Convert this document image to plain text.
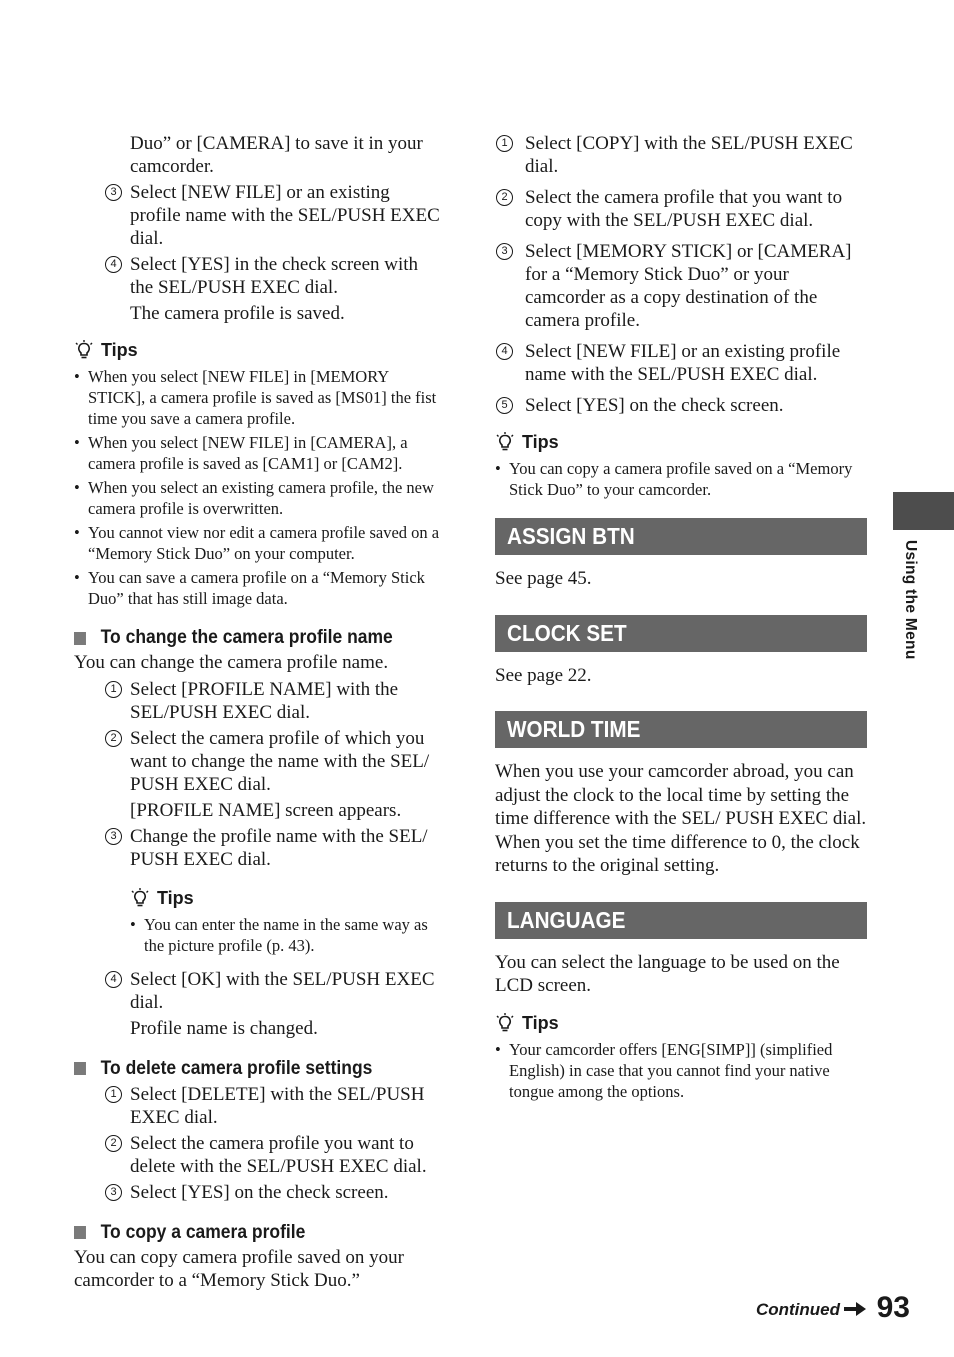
Duo” or [CAMERA] to save it in your camcorder.

3 Select [NEW FILE] or an existing profile name with the SEL/PUSH EXEC dial.
4 Select [YES] in the check screen with the SEL/PUSH EXEC dial.

The camera profile is saved.

Tips
• When you select [NEW FILE] in [MEMORY STICK], a camera profile is saved as [MS01] the fist time you save a camera profile.
• When you select [NEW FILE] in [CAMERA], a camera profile is saved as [CAM1] or [CAM2].
• When you select an existing camera profile, the new camera profile is overwritten.
• You cannot view nor edit a camera profile saved on a “Memory Stick Duo” on your computer.
• You can save a camera profile on a “Memory Stick Duo” that has still image data.
To change the camera profile name

You can change the camera profile name.

1 Select [PROFILE NAME] with the SEL/PUSH EXEC dial.
2 Select the camera profile of which you want to change the name with the SEL/ PUSH EXEC dial.

[PROFILE NAME] screen appears.

3 Change the profile name with the SEL/ PUSH EXEC dial.
Tips
• You can enter the name in the same way as the picture profile (p. 43).
4 Select [OK] with the SEL/PUSH EXEC dial.

Profile name is changed.

To delete camera profile settings
1 Select [DELETE] with the SEL/PUSH EXEC dial.
2 Select the camera profile you want to delete with the SEL/PUSH EXEC dial.
3 Select [YES] on the check screen.
To copy a camera profile

You can copy camera profile saved on your camcorder to a “Memory Stick Duo.”

1 Select [COPY] with the SEL/PUSH EXEC dial.
2 Select the camera profile that you want to copy with the SEL/PUSH EXEC dial.
3 Select [MEMORY STICK] or [CAMERA] for a “Memory Stick Duo” or your camcorder as a copy destination of the camera profile.
4 Select [NEW FILE] or an existing profile name with the SEL/PUSH EXEC dial.
5 Select [YES] on the check screen.
Tips
• You can copy a camera profile saved on a “Memory Stick Duo” to your camcorder.
ASSIGN BTN

See page 45.

CLOCK SET

See page 22.

WORLD TIME

When you use your camcorder abroad, you can adjust the clock to the local time by setting the time difference with the SEL/ PUSH EXEC dial.

When you set the time difference to 0, the clock returns to the original setting.

LANGUAGE

You can select the language to be used on the LCD screen.

Tips
• Your camcorder offers [ENG[SIMP]] (simplified English) in case that you cannot find your native tongue among the options.
Using the Menu
Continued 93
